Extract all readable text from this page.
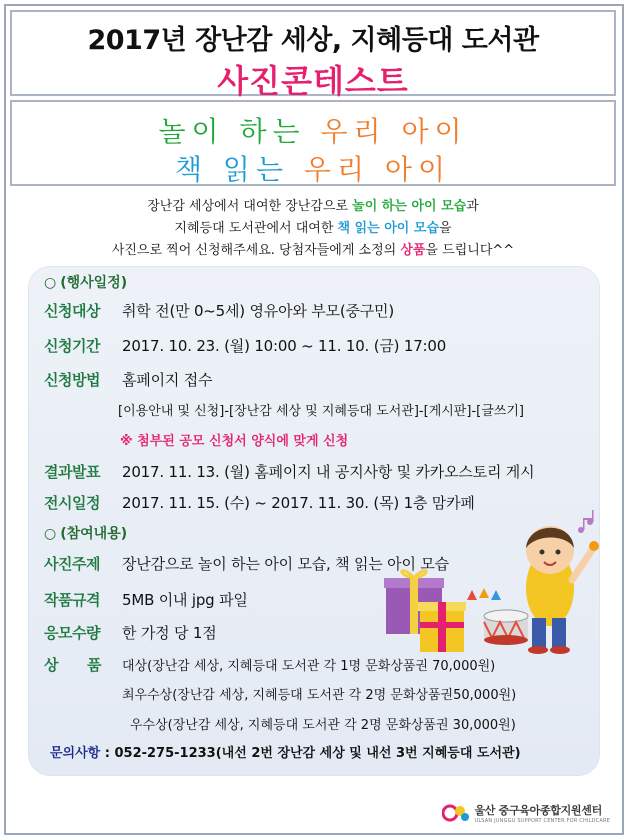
2017년 장난감 세상, 지혜등대 도서관
사진콘테스트
놀이 하는 우리 아이
책 읽는 우리 아이
장난감 세상에서 대여한 장난감으로 놀이 하는 아이 모습과
지혜등대 도서관에서 대여한 책 읽는 아이 모습을
사진으로 찍어 신청해주세요. 당첨자들에게 소정의 상품을 드립니다^^
○ (행사일정)
신청대상 취학 전(만 0~5세) 영유아와 부모(중구민)
신청기간 2017. 10. 23. (월) 10:00 ~ 11. 10. (금) 17:00
신청방법 홈페이지 접수
[이용안내 및 신청]-[장난감 세상 및 지혜등대 도서관]-[게시판]-[글쓰기]
※ 첨부된 공모 신청서 양식에 맞게 신청
결과발표 2017. 11. 13. (월) 홈페이지 내 공지사항 및 카카오스토리 게시
전시일정 2017. 11. 15. (수) ~ 2017. 11. 30. (목) 1층 맘카페
○ (참여내용)
사진주제 장난감으로 놀이 하는 아이 모습, 책 읽는 아이 모습
작품규격 5MB 이내 jpg 파일
응모수량 한 가정 당 1점
상　　품 대상(장난감 세상, 지혜등대 도서관 각 1명 문화상품권 70,000원)
최우수상(장난감 세상, 지혜등대 도서관 각 2명 문화상품권50,000원)
우수상(장난감 세상, 지혜등대 도서관 각 2명 문화상품권 30,000원)
문의사항 : 052-275-1233(내선 2번 장난감 세상 및 내선 3번 지혜등대 도서관)
울산 중구육아종합지원센터
ULSAN JUNGGU SUPPORT CENTER FOR CHILDCARE
